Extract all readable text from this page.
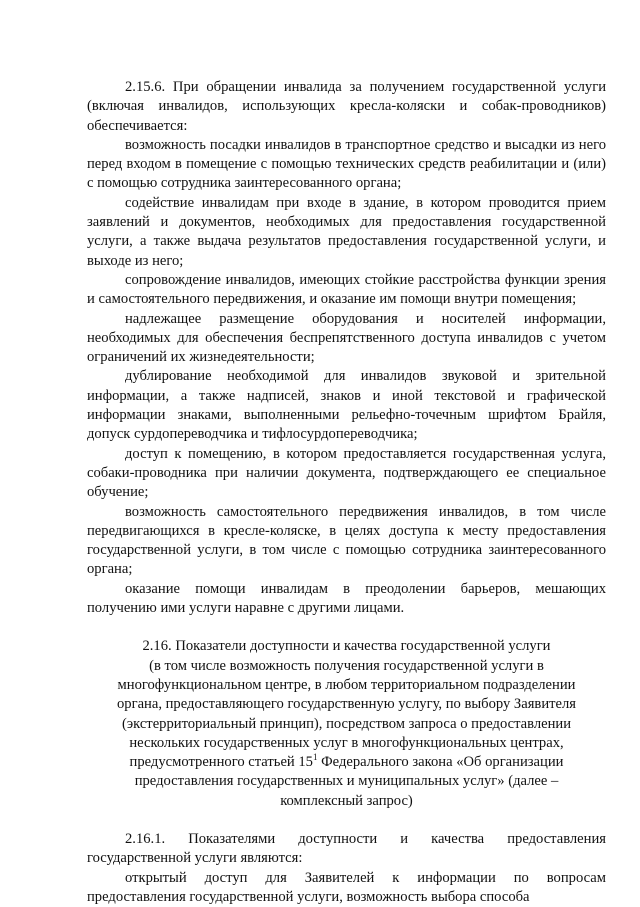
2.15.6. При обращении инвалида за получением государственной услуги (включая инвалидов, использующих кресла-коляски и собак-проводников) обеспечивается:

возможность посадки инвалидов в транспортное средство и высадки из него перед входом в помещение с помощью технических средств реабилитации и (или) с помощью сотрудника заинтересованного органа;

содействие инвалидам при входе в здание, в котором проводится прием заявлений и документов, необходимых для предоставления государственной услуги, а также выдача результатов предоставления государственной услуги, и выходе из него;

сопровождение инвалидов, имеющих стойкие расстройства функции зрения и самостоятельного передвижения, и оказание им помощи внутри помещения;

надлежащее размещение оборудования и носителей информации, необходимых для обеспечения беспрепятственного доступа инвалидов с учетом ограничений их жизнедеятельности;

дублирование необходимой для инвалидов звуковой и зрительной информации, а также надписей, знаков и иной текстовой и графической информации знаками, выполненными рельефно-точечным шрифтом Брайля, допуск сурдопереводчика и тифлосурдопереводчика;

доступ к помещению, в котором предоставляется государственная услуга, собаки-проводника при наличии документа, подтверждающего ее специальное обучение;

возможность самостоятельного передвижения инвалидов, в том числе передвигающихся в кресле-коляске, в целях доступа к месту предоставления государственной услуги, в том числе с помощью сотрудника заинтересованного органа;

оказание помощи инвалидам в преодолении барьеров, мешающих получению ими услуги наравне с другими лицами.

2.16. Показатели доступности и качества государственной услуги
(в том числе возможность получения государственной услуги в многофункциональном центре, в любом территориальном подразделении органа, предоставляющего государственную услугу, по выбору Заявителя (экстерриториальный принцип), посредством запроса о предоставлении нескольких государственных услуг в многофункциональных центрах, предусмотренного статьей $15^1$ Федерального закона «Об организации предоставления государственных и муниципальных услуг» (далее – комплексный запрос)

2.16.1. Показателями доступности и качества предоставления государственной услуги являются:

открытый доступ для Заявителей к информации по вопросам предоставления государственной услуги, возможность выбора способа
